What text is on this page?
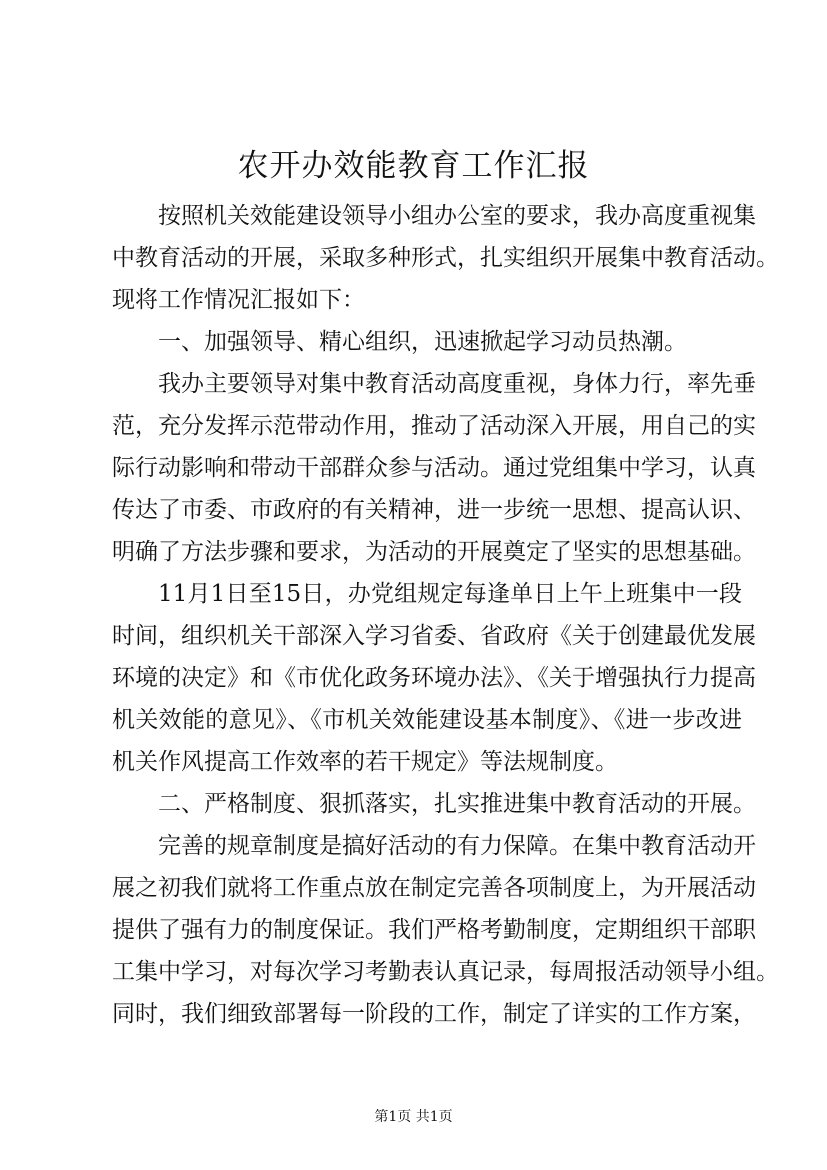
农开办效能教育工作汇报
按照机关效能建设领导小组办公室的要求，我办高度重视集
中教育活动的开展，采取多种形式，扎实组织开展集中教育活动。
现将工作情况汇报如下：
一、加强领导、精心组织，迅速掀起学习动员热潮。
我办主要领导对集中教育活动高度重视，身体力行，率先垂
范，充分发挥示范带动作用，推动了活动深入开展，用自己的实
际行动影响和带动干部群众参与活动。通过党组集中学习，认真
传达了市委、市政府的有关精神，进一步统一思想、提高认识、
明确了方法步骤和要求，为活动的开展奠定了坚实的思想基础。
11月1日至15日，办党组规定每逢单日上午上班集中一段
时间，组织机关干部深入学习省委、省政府《关于创建最优发展
环境的决定》和《市优化政务环境办法》、《关于增强执行力提高
机关效能的意见》、《市机关效能建设基本制度》、《进一步改进
机关作风提高工作效率的若干规定》等法规制度。
二、严格制度、狠抓落实，扎实推进集中教育活动的开展。
完善的规章制度是搞好活动的有力保障。在集中教育活动开
展之初我们就将工作重点放在制定完善各项制度上，为开展活动
提供了强有力的制度保证。我们严格考勤制度，定期组织干部职
工集中学习，对每次学习考勤表认真记录，每周报活动领导小组。
同时，我们细致部署每一阶段的工作，制定了详实的工作方案，
第1页 共1页
